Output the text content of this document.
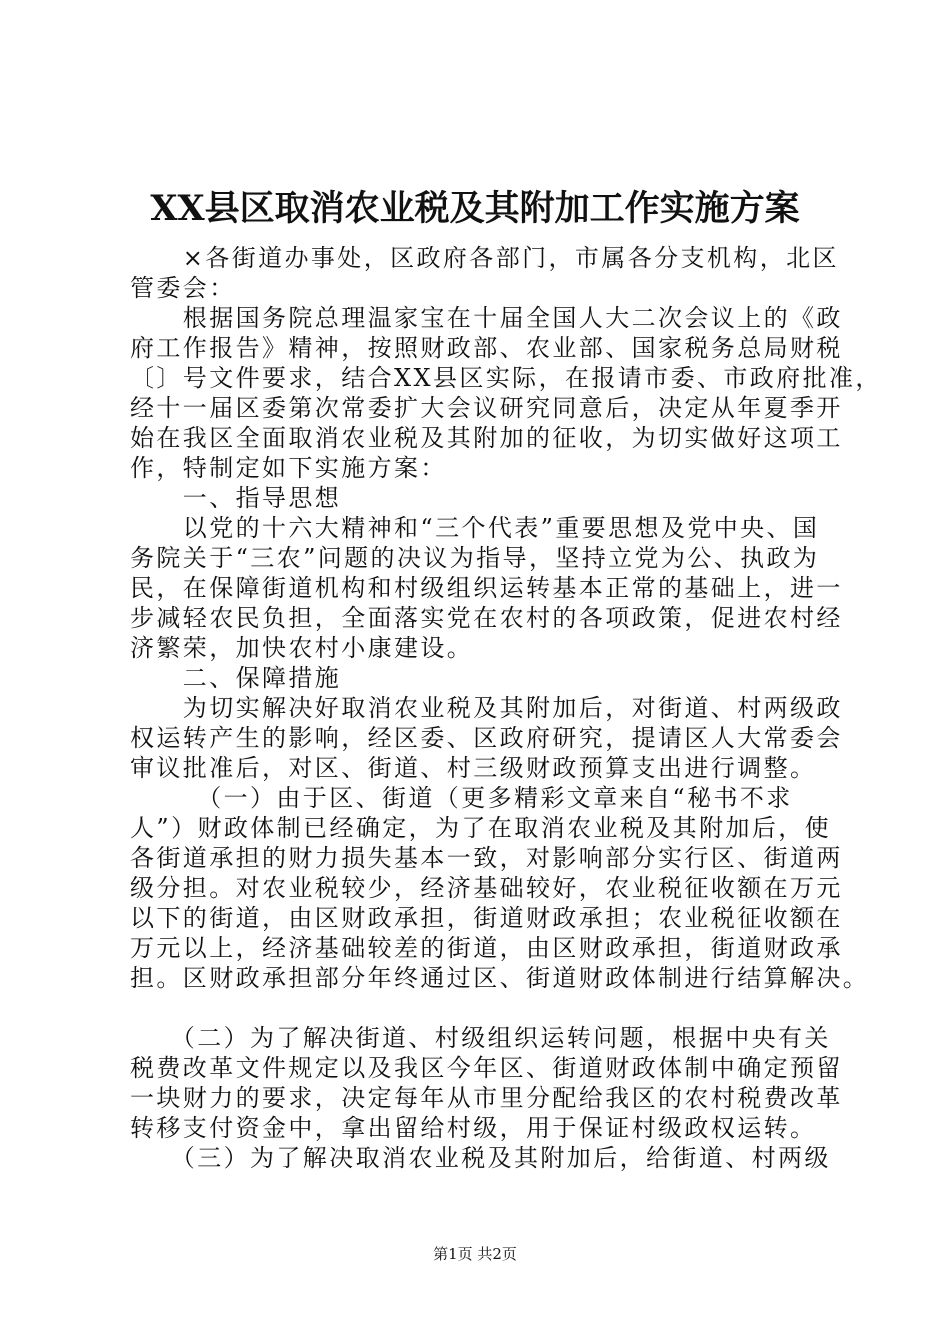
XX县区取消农业税及其附加工作实施方案
　　×各街道办事处，区政府各部门，市属各分支机构，北区
管委会：
　　根据国务院总理温家宝在十届全国人大二次会议上的《政
府工作报告》精神，按照财政部、农业部、国家税务总局财税
〔〕号文件要求，结合XX县区实际，在报请市委、市政府批准，
经十一届区委第次常委扩大会议研究同意后，决定从年夏季开
始在我区全面取消农业税及其附加的征收，为切实做好这项工
作，特制定如下实施方案：
　　一、指导思想
　　以党的十六大精神和“三个代表”重要思想及党中央、国
务院关于“三农”问题的决议为指导，坚持立党为公、执政为
民，在保障街道机构和村级组织运转基本正常的基础上，进一
步减轻农民负担，全面落实党在农村的各项政策，促进农村经
济繁荣，加快农村小康建设。
　　二、保障措施
　　为切实解决好取消农业税及其附加后，对街道、村两级政
权运转产生的影响，经区委、区政府研究，提请区人大常委会
审议批准后，对区、街道、村三级财政预算支出进行调整。
　　　（一）由于区、街道（更多精彩文章来自“秘书不求
人”）财政体制已经确定，为了在取消农业税及其附加后，使
各街道承担的财力损失基本一致，对影响部分实行区、街道两
级分担。对农业税较少，经济基础较好，农业税征收额在万元
以下的街道，由区财政承担，街道财政承担；农业税征收额在
万元以上，经济基础较差的街道，由区财政承担，街道财政承
担。区财政承担部分年终通过区、街道财政体制进行结算解决。
　　（二）为了解决街道、村级组织运转问题，根据中央有关
税费改革文件规定以及我区今年区、街道财政体制中确定预留
一块财力的要求，决定每年从市里分配给我区的农村税费改革
转移支付资金中，拿出留给村级，用于保证村级政权运转。
　　（三）为了解决取消农业税及其附加后，给街道、村两级
第1页 共2页
